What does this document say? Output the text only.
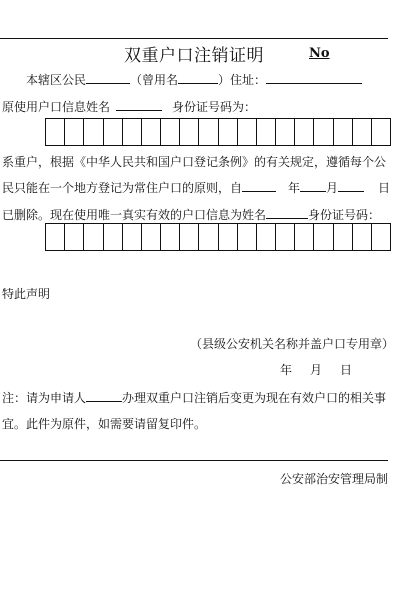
双重户口注销证明	No
本辖区公民	（曾用名	）住址：
原使用户口信息姓名	身份证号码为：
系重户，根据《中华人民共和国户口登记条例》的有关规定，遵循每个公
民只能在一个地方登记为常住户口的原则，自	年 月	日
已删除。现在使用唯一真实有效的户口信息为姓名	身份证号码：
特此声明
（县级公安机关名称并盖户口专用章）
年 月 日
注：请为申请人	办理双重户口注销后变更为现在有效户口的相关事
宜。此件为原件，如需要请留复印件。
公安部治安管理局制
